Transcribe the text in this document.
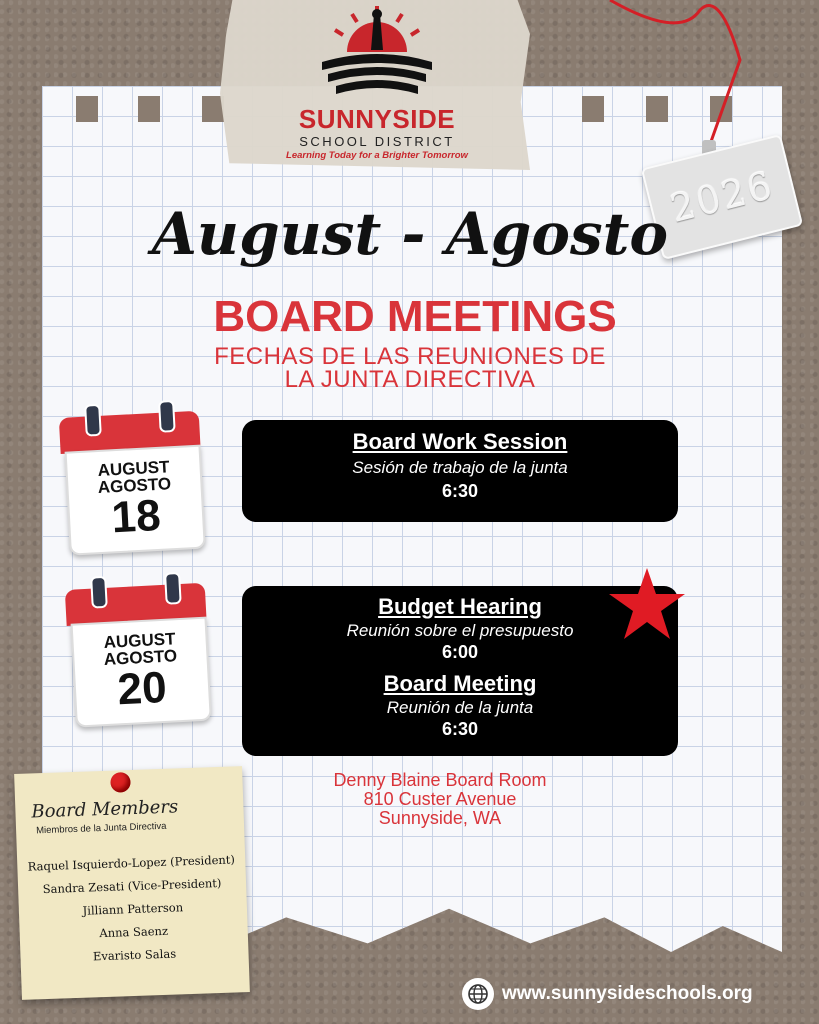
SUNNYSIDE
SCHOOL DISTRICT
Learning Today for a Brighter Tomorrow
2026
August - Agosto
BOARD MEETINGS
FECHAS DE LAS REUNIONES DE
LA JUNTA DIRECTIVA
AUGUST
AGOSTO
18
AUGUST
AGOSTO
20
Board Work Session
Sesión de trabajo de la junta
6:30
Budget Hearing
Reunión sobre el presupuesto
6:00
Board Meeting
Reunión de la junta
6:30
Denny Blaine Board Room
810 Custer Avenue
Sunnyside, WA
Board Members
Miembros de la Junta Directiva
Raquel Isquierdo-Lopez (President)
Sandra Zesati (Vice-President)
Jilliann Patterson
Anna Saenz
Evaristo Salas
www.sunnysideschools.org
